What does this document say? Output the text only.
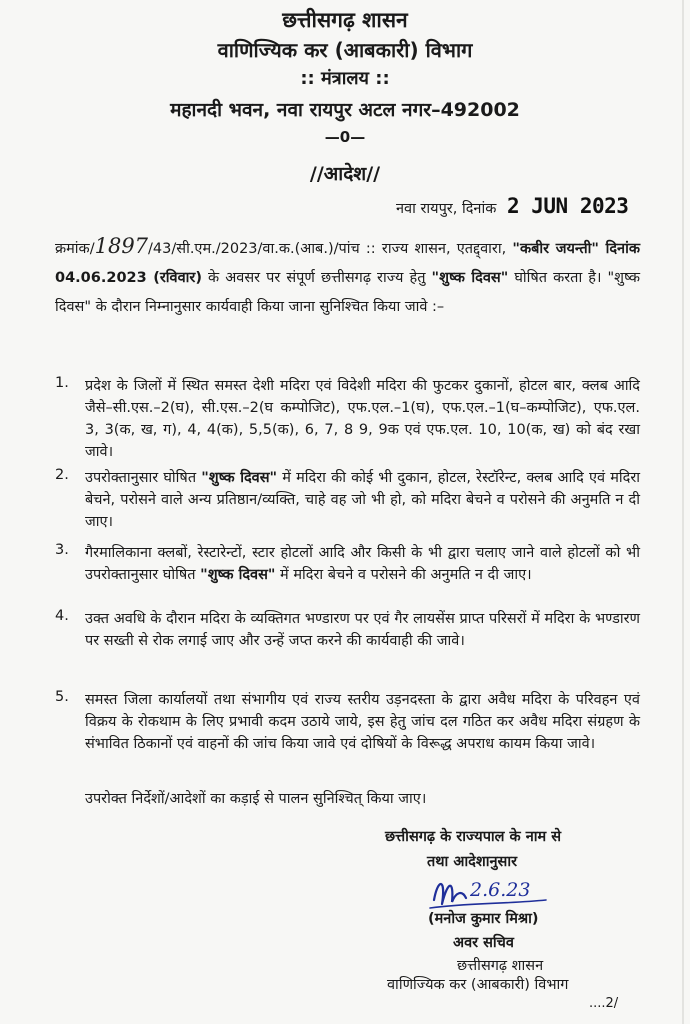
छत्तीसगढ़ शासन
वाणिज्यिक कर (आबकारी) विभाग
:: मंत्रालय ::
महानदी भवन, नवा रायपुर अटल नगर–492002
—0—
//आदेश//
नवा रायपुर, दिनांक 2 JUN 2023
क्रमांक/1897/43/सी.एम./2023/वा.क.(आब.)/पांच :: राज्य शासन, एतद्द्वारा, "कबीर जयन्ती" दिनांक 04.06.2023 (रविवार) के अवसर पर संपूर्ण छत्तीसगढ़ राज्य हेतु "शुष्क दिवस" घोषित करता है। "शुष्क दिवस" के दौरान निम्नानुसार कार्यवाही किया जाना सुनिश्चित किया जावे :–
1. प्रदेश के जिलों में स्थित समस्त देशी मदिरा एवं विदेशी मदिरा की फुटकर दुकानों, होटल बार, क्लब आदि जैसे–सी.एस.–2(घ), सी.एस.–2(घ कम्पोजिट), एफ.एल.–1(घ), एफ.एल.–1(घ–कम्पोजिट), एफ.एल. 3, 3(क, ख, ग), 4, 4(क), 5,5(क), 6, 7, 8 9, 9क एवं एफ.एल. 10, 10(क, ख) को बंद रखा जावे।
2. उपरोक्तानुसार घोषित "शुष्क दिवस" में मदिरा की कोई भी दुकान, होटल, रेस्टॉरेन्ट, क्लब आदि एवं मदिरा बेचने, परोसने वाले अन्य प्रतिष्ठान/व्यक्ति, चाहे वह जो भी हो, को मदिरा बेचने व परोसने की अनुमति न दी जाए।
3. गैरमालिकाना क्लबों, रेस्टारेन्टों, स्टार होटलों आदि और किसी के भी द्वारा चलाए जाने वाले होटलों को भी उपरोक्तानुसार घोषित "शुष्क दिवस" में मदिरा बेचने व परोसने की अनुमति न दी जाए।
4. उक्त अवधि के दौरान मदिरा के व्यक्तिगत भण्डारण पर एवं गैर लायसेंस प्राप्त परिसरों में मदिरा के भण्डारण पर सख्ती से रोक लगाई जाए और उन्हें जप्त करने की कार्यवाही की जावे।
5. समस्त जिला कार्यालयों तथा संभागीय एवं राज्य स्तरीय उड़नदस्ता के द्वारा अवैध मदिरा के परिवहन एवं विक्रय के रोकथाम के लिए प्रभावी कदम उठाये जाये, इस हेतु जांच दल गठित कर अवैध मदिरा संग्रहण के संभावित ठिकानों एवं वाहनों की जांच किया जावे एवं दोषियों के विरूद्ध अपराध कायम किया जावे।
उपरोक्त निर्देशों/आदेशों का कड़ाई से पालन सुनिश्चित् किया जाए।
छत्तीसगढ़ के राज्यपाल के नाम से
तथा आदेशानुसार
2.6.23
(मनोज कुमार मिश्रा)
अवर सचिव
छत्तीसगढ़ शासन
वाणिज्यिक कर (आबकारी) विभाग
....2/
